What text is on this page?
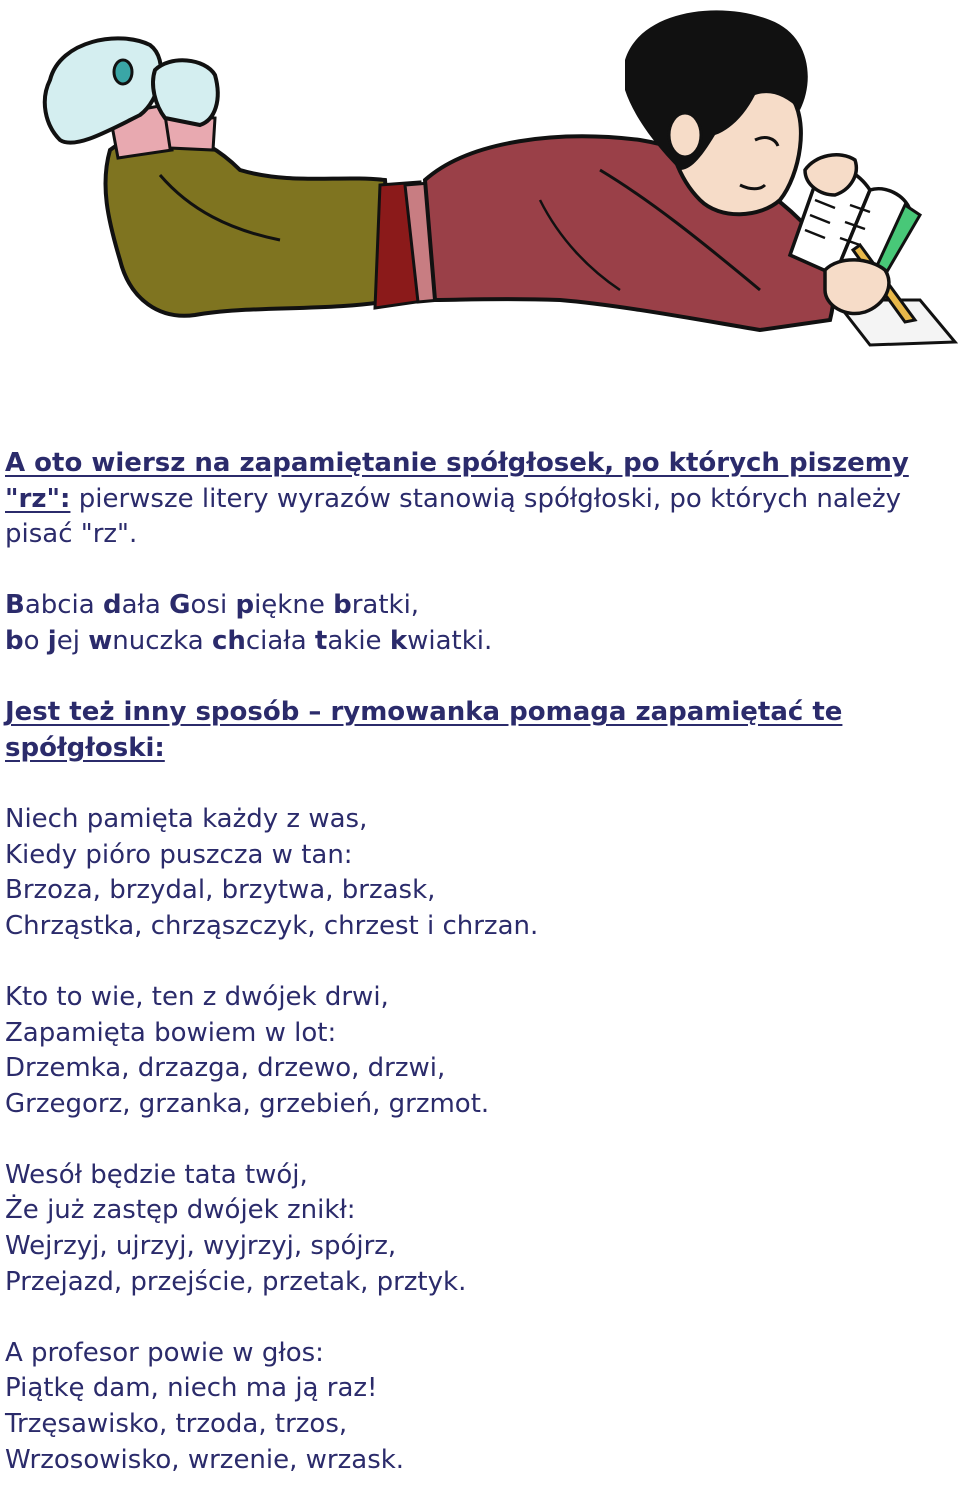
A oto wiersz na zapamiętanie spółgłosek, po których piszemy "rz": pierwsze litery wyrazów stanowią spółgłoski, po których należy pisać "rz".

Babcia dała Gosi piękne bratki,
bo jej wnuczka chciała takie kwiatki.

Jest też inny sposób – rymowanka pomaga zapamiętać te spółgłoski:

Niech pamięta każdy z was,
Kiedy pióro puszcza w tan:
Brzoza, brzydal, brzytwa, brzask,
Chrząstka, chrząszczyk, chrzest i chrzan.
Kto to wie, ten z dwójek drwi,
Zapamięta bowiem w lot:
Drzemka, drzazga, drzewo, drzwi,
Grzegorz, grzanka, grzebień, grzmot.
Wesół będzie tata twój,
Że już zastęp dwójek znikł:
Wejrzyj, ujrzyj, wyjrzyj, spójrz,
Przejazd, przejście, przetak, prztyk.
A profesor powie w głos:
Piątkę dam, niech ma ją raz!
Trzęsawisko, trzoda, trzos,
Wrzosowisko, wrzenie, wrzask.
